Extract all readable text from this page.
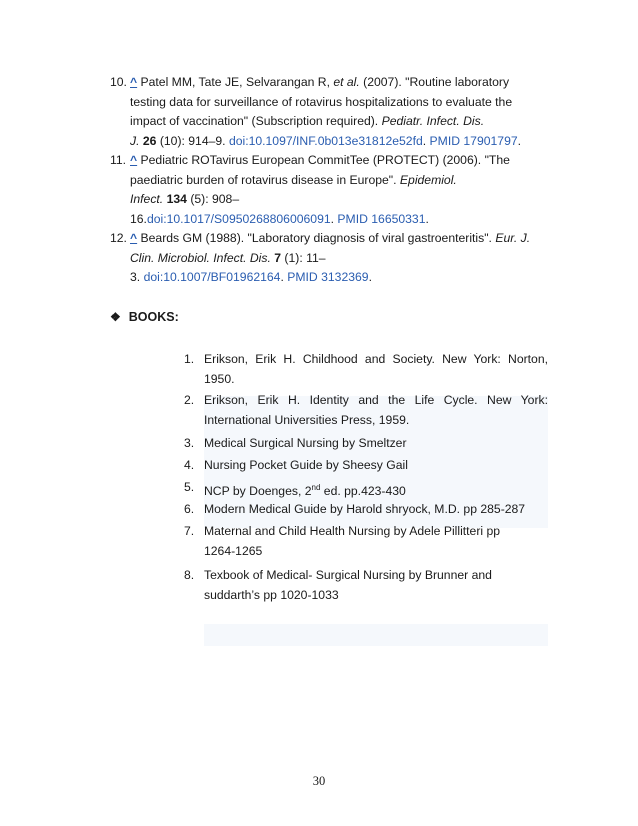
10. ^ Patel MM, Tate JE, Selvarangan R, et al. (2007). "Routine laboratory
testing data for surveillance of rotavirus hospitalizations to evaluate the
impact of vaccination" (Subscription required). Pediatr. Infect. Dis.
J. 26 (10): 914–9. doi:10.1097/INF.0b013e31812e52fd. PMID 17901797.
11. ^ Pediatric ROTavirus European CommitTee (PROTECT) (2006). "The
paediatric burden of rotavirus disease in Europe". Epidemiol.
Infect. 134 (5): 908–
16.doi:10.1017/S0950268806006091. PMID 16650331.
12. ^ Beards GM (1988). "Laboratory diagnosis of viral gastroenteritis". Eur. J.
Clin. Microbiol. Infect. Dis. 7 (1): 11–
3. doi:10.1007/BF01962164. PMID 3132369.
❖ BOOKS:
1. Erikson, Erik H. Childhood and Society. New York: Norton,
1950.
2. Erikson, Erik H. Identity and the Life Cycle. New York:
International Universities Press, 1959.
3. Medical Surgical Nursing by Smeltzer
4. Nursing Pocket Guide by Sheesy Gail
5. NCP by Doenges, 2nd ed. pp.423-430
6. Modern Medical Guide by Harold shryock, M.D. pp 285-287
7. Maternal and Child Health Nursing by Adele Pillitteri pp
1264-1265
8. Texbook of Medical- Surgical Nursing by Brunner and
suddarth’s pp 1020-1033
30
